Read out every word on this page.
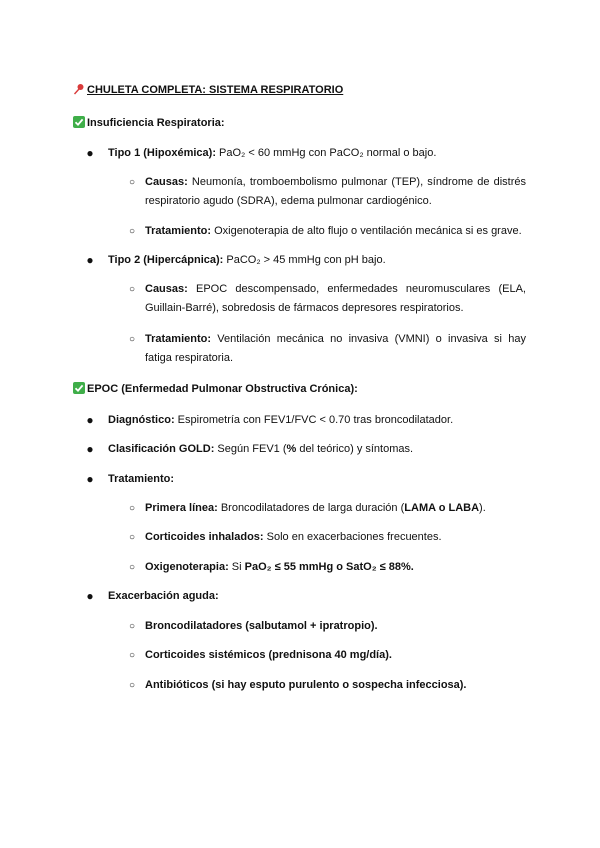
CHULETA COMPLETA: SISTEMA RESPIRATORIO
Insuficiencia Respiratoria:
● Tipo 1 (Hipoxémica): PaO₂ < 60 mmHg con PaCO₂ normal o bajo.
○ Causas: Neumonía, tromboembolismo pulmonar (TEP), síndrome de distrés respiratorio agudo (SDRA), edema pulmonar cardiogénico.
○ Tratamiento: Oxigenoterapia de alto flujo o ventilación mecánica si es grave.
● Tipo 2 (Hipercápnica): PaCO₂ > 45 mmHg con pH bajo.
○ Causas: EPOC descompensado, enfermedades neuromusculares (ELA, Guillain-Barré), sobredosis de fármacos depresores respiratorios.
○ Tratamiento: Ventilación mecánica no invasiva (VMNI) o invasiva si hay fatiga respiratoria.
EPOC (Enfermedad Pulmonar Obstructiva Crónica):
● Diagnóstico: Espirometría con FEV1/FVC < 0.70 tras broncodilatador.
● Clasificación GOLD: Según FEV1 (% del teórico) y síntomas.
● Tratamiento:
○ Primera línea: Broncodilatadores de larga duración (LAMA o LABA).
○ Corticoides inhalados: Solo en exacerbaciones frecuentes.
○ Oxigenoterapia: Si PaO₂ ≤ 55 mmHg o SatO₂ ≤ 88%.
● Exacerbación aguda:
○ Broncodilatadores (salbutamol + ipratropio).
○ Corticoides sistémicos (prednisona 40 mg/día).
○ Antibióticos (si hay esputo purulento o sospecha infecciosa).
